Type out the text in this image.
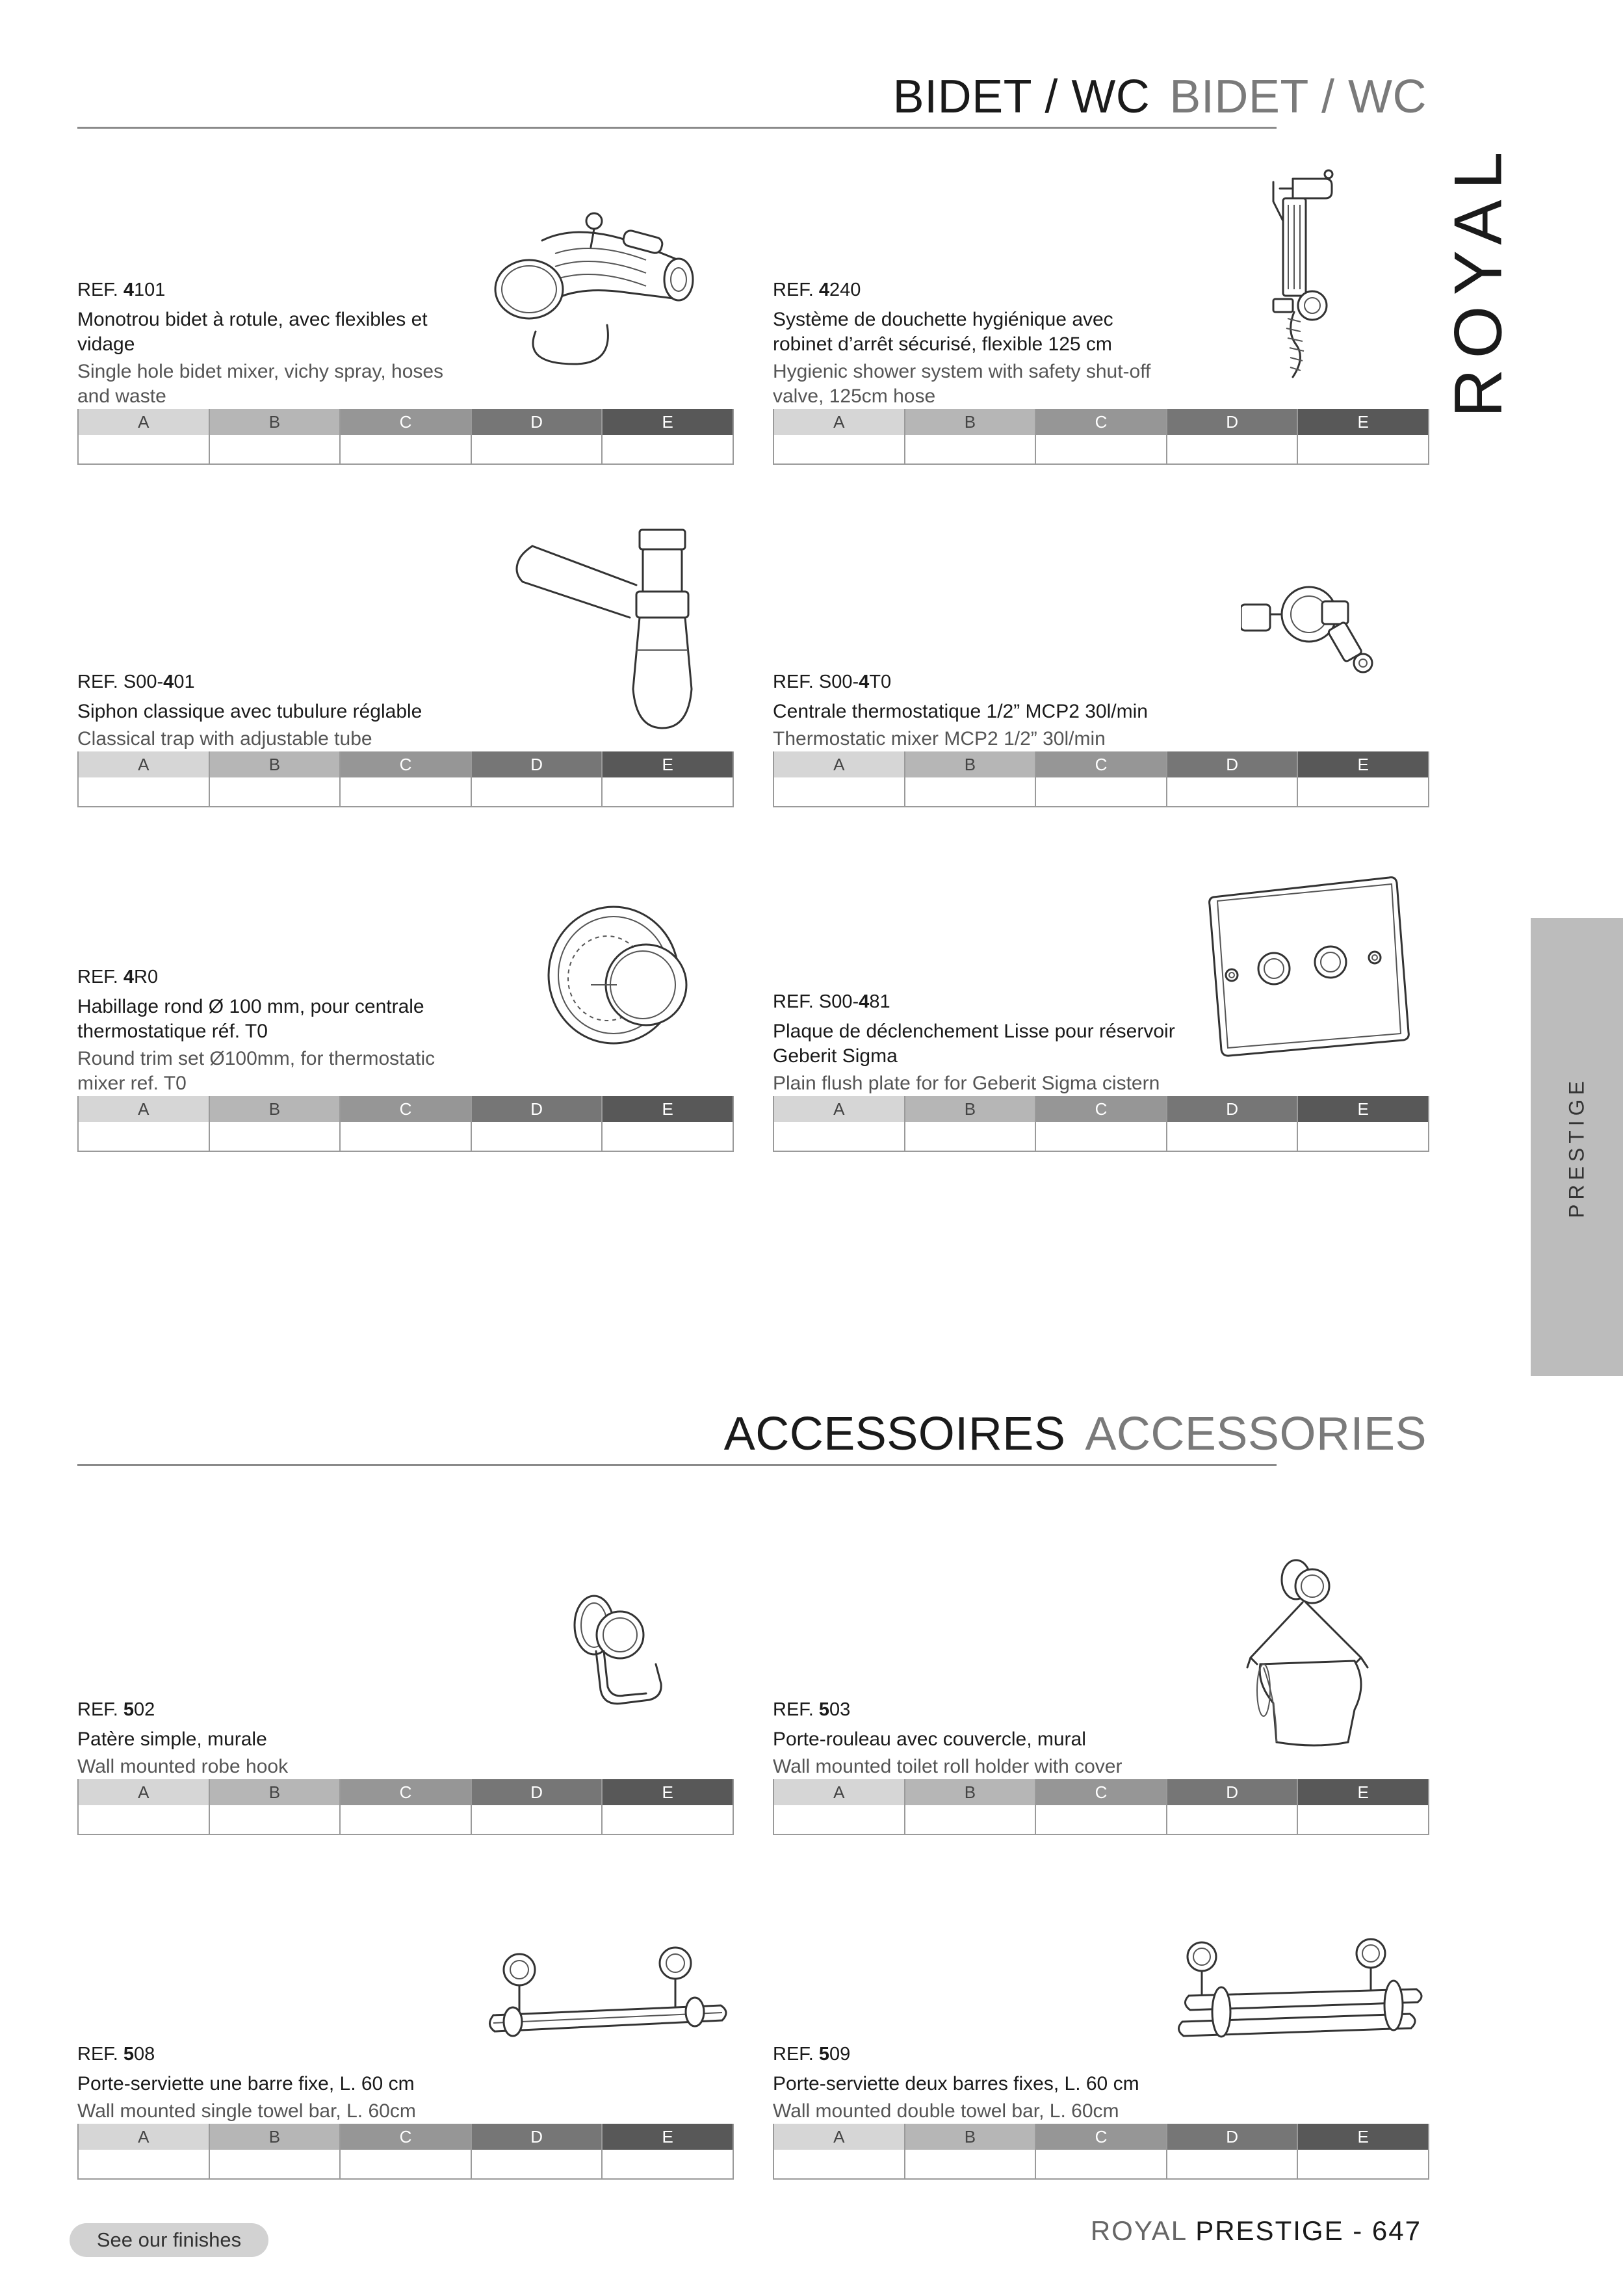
BIDET / WC BIDET / WC
ACCESSOIRES ACCESSORIES
ROYAL
PRESTIGE
REF. 4101
Monotrou bidet à rotule, avec flexibles et vidage
Single hole bidet mixer, vichy spray, hoses and waste
A	B	C	D	E
REF. 4240
Système de douchette hygiénique avec robinet d’arrêt sécurisé, flexible 125 cm
Hygienic shower system with safety shut-off valve, 125cm hose
A	B	C	D	E
REF. S00-401
Siphon classique avec tubulure réglable
Classical trap with adjustable tube
A	B	C	D	E
REF. S00-4T0
Centrale thermostatique 1/2” MCP2 30l/min
Thermostatic mixer MCP2 1/2” 30l/min
A	B	C	D	E
REF. 4R0
Habillage rond Ø 100 mm, pour centrale thermostatique réf. T0
Round trim set Ø100mm, for thermostatic mixer ref. T0
A	B	C	D	E
REF. S00-481
Plaque de déclenchement Lisse pour réservoir Geberit Sigma
Plain flush plate for for Geberit Sigma cistern
A	B	C	D	E
REF. 502
Patère simple, murale
Wall mounted robe hook
A	B	C	D	E
REF. 503
Porte-rouleau avec couvercle, mural
Wall mounted toilet roll holder with cover
A	B	C	D	E
REF. 508
Porte-serviette une barre fixe, L. 60 cm
Wall mounted single towel bar, L. 60cm
A	B	C	D	E
REF. 509
Porte-serviette deux barres fixes, L. 60 cm
Wall mounted double towel bar, L. 60cm
A	B	C	D	E
See our finishes	ROYAL PRESTIGE - 647
